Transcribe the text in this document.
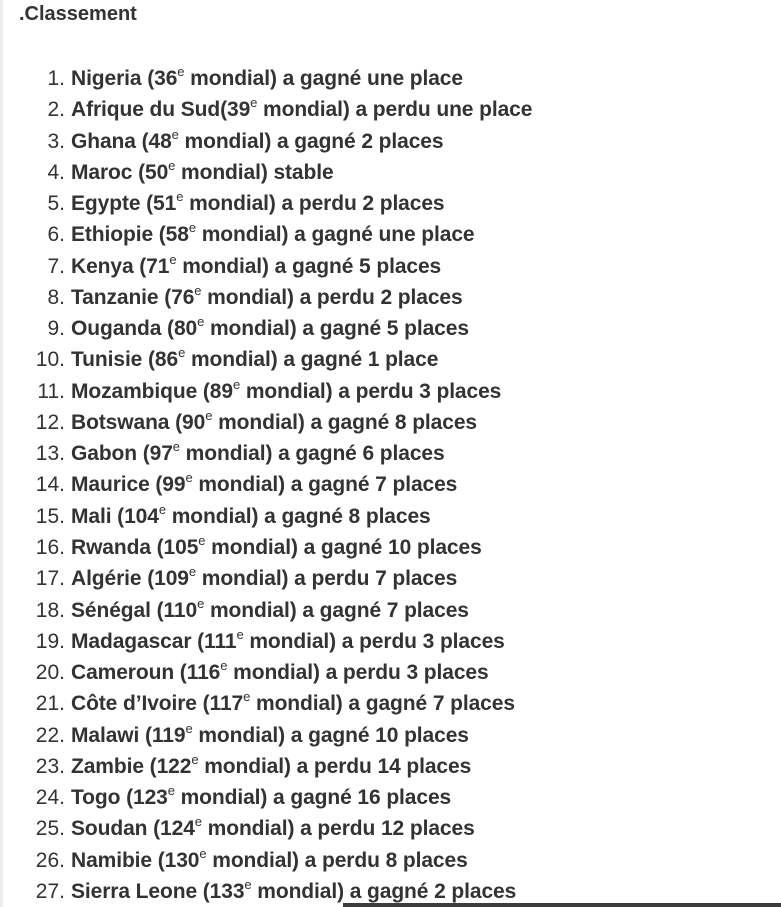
.Classement
1. Nigeria (36e mondial) a gagné une place
2. Afrique du Sud(39e mondial) a perdu une place
3. Ghana (48e mondial) a gagné 2 places
4. Maroc (50e mondial) stable
5. Egypte (51e mondial) a perdu 2 places
6. Ethiopie (58e mondial) a gagné une place
7. Kenya (71e mondial) a gagné 5 places
8. Tanzanie (76e mondial) a perdu 2 places
9. Ouganda (80e mondial) a gagné 5 places
10. Tunisie (86e mondial) a gagné 1 place
11. Mozambique (89e mondial) a perdu 3 places
12. Botswana (90e mondial) a gagné 8 places
13. Gabon (97e mondial) a gagné 6 places
14. Maurice (99e mondial) a gagné 7 places
15. Mali (104e mondial) a gagné 8 places
16. Rwanda (105e mondial) a gagné 10 places
17. Algérie (109e mondial) a perdu 7 places
18. Sénégal (110e mondial) a gagné 7 places
19. Madagascar (111e mondial) a perdu 3 places
20. Cameroun (116e mondial) a perdu 3 places
21. Côte d’Ivoire (117e mondial) a gagné 7 places
22. Malawi (119e mondial) a gagné 10 places
23. Zambie (122e mondial) a perdu 14 places
24. Togo (123e mondial) a gagné 16 places
25. Soudan (124e mondial) a perdu 12 places
26. Namibie (130e mondial) a perdu 8 places
27. Sierra Leone (133e mondial) a gagné 2 places
